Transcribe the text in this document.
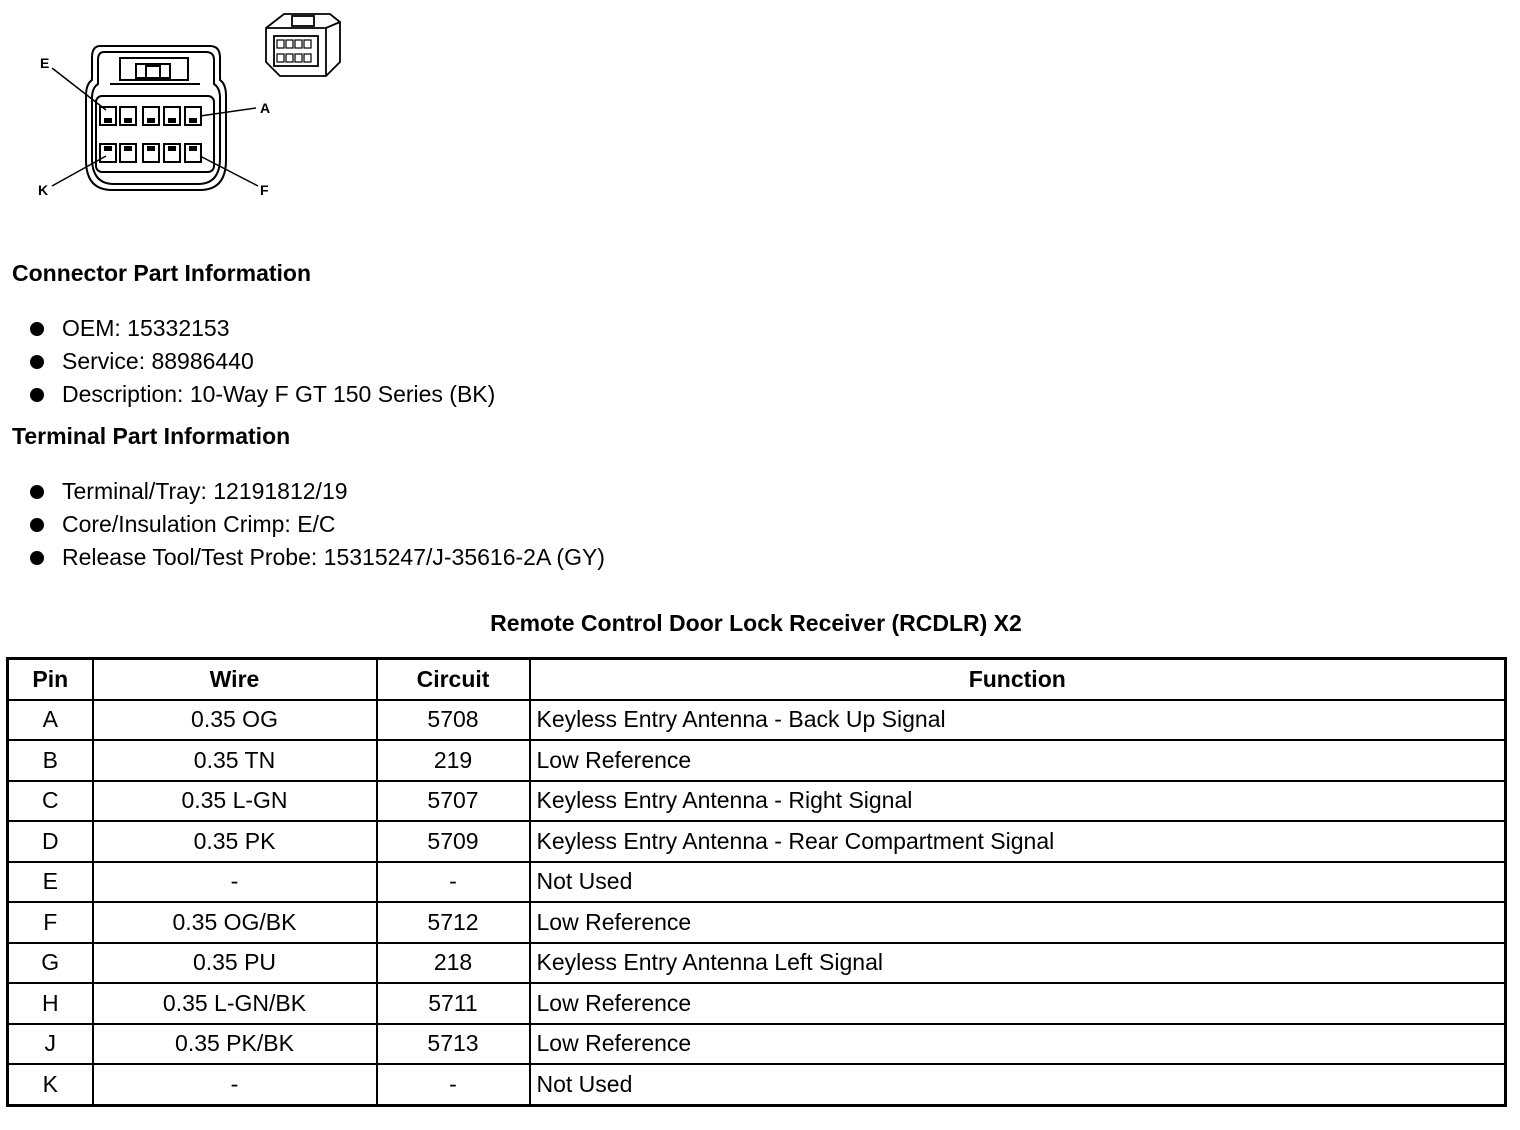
E
A
K	F
Connector Part Information
OEM: 15332153
Service: 88986440
Description: 10-Way F GT 150 Series (BK)
Terminal Part Information
Terminal/Tray: 12191812/19
Core/Insulation Crimp: E/C
Release Tool/Test Probe: 15315247/J-35616-2A (GY)
Remote Control Door Lock Receiver (RCDLR) X2
Pin	Wire	Circuit	Function
A	0.35 OG	5708	Keyless Entry Antenna - Back Up Signal
B	0.35 TN	219	Low Reference
C	0.35 L-GN	5707	Keyless Entry Antenna - Right Signal
D	0.35 PK	5709	Keyless Entry Antenna - Rear Compartment Signal
E	-	-	Not Used
F	0.35 OG/BK	5712	Low Reference
G	0.35 PU	218	Keyless Entry Antenna Left Signal
H	0.35 L-GN/BK	5711	Low Reference
J	0.35 PK/BK	5713	Low Reference
K	-	-	Not Used
